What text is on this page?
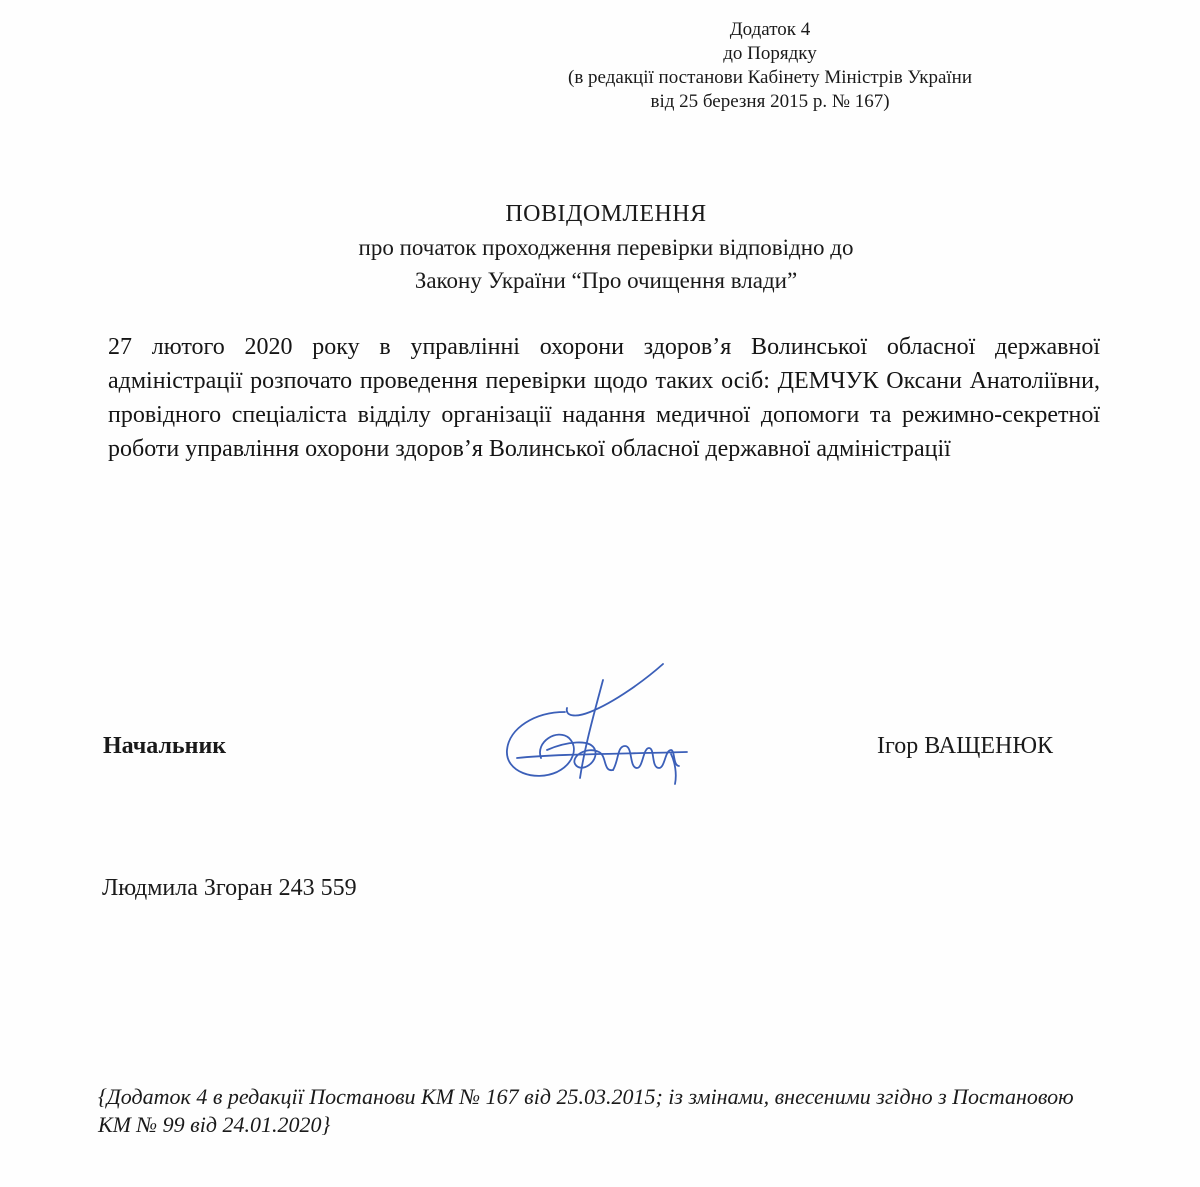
Додаток 4
до Порядку
(в редакції постанови Кабінету Міністрів України
від 25 березня 2015 р. № 167)
ПОВІДОМЛЕННЯ
про початок проходження перевірки відповідно до
Закону України “Про очищення влади”
27 лютого 2020 року в управлінні охорони здоров’я Волинської обласної державної адміністрації розпочато проведення перевірки щодо таких осіб: ДЕМЧУК Оксани Анатоліївни, провідного спеціаліста відділу організації надання медичної допомоги та режимно-секретної роботи управління охорони здоров’я Волинської обласної державної адміністрації
Начальник	Ігор ВАЩЕНЮК
Людмила Згоран 243 559
{Додаток 4 в редакції Постанови КМ № 167 від 25.03.2015; із змінами, внесеними згідно з Постановою КМ № 99 від 24.01.2020}
